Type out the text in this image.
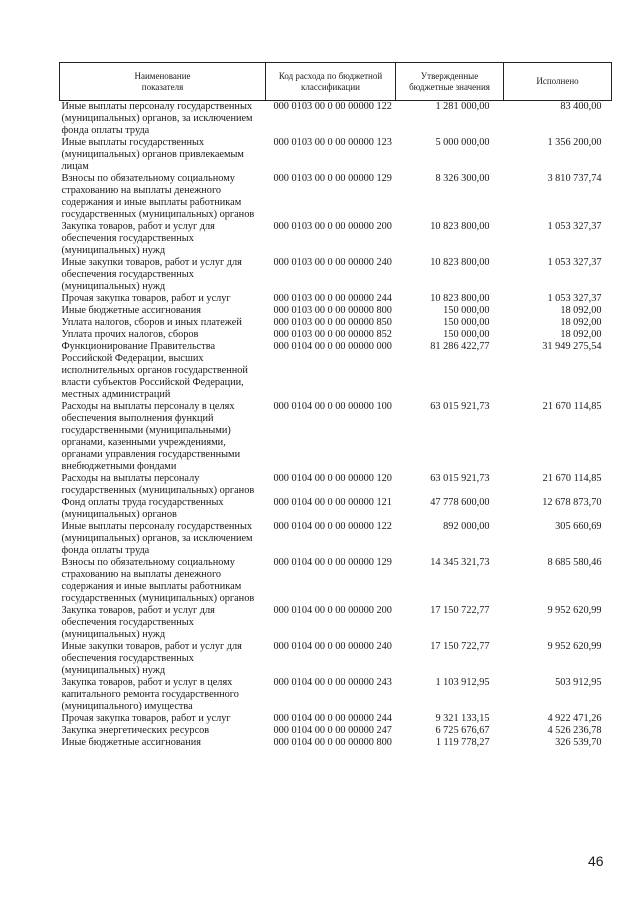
Наименование показателя	Код расхода по бюджетной классификации	Утвержденные бюджетные значения	Исполнено
Иные выплаты персоналу государственных (муниципальных) органов, за исключением фонда оплаты труда	000 0103 00 0 00 00000 122	1 281 000,00	83 400,00
Иные выплаты государственных (муниципальных) органов привлекаемым лицам	000 0103 00 0 00 00000 123	5 000 000,00	1 356 200,00
Взносы по обязательному социальному страхованию на выплаты денежного содержания и иные выплаты работникам государственных (муниципальных) органов	000 0103 00 0 00 00000 129	8 326 300,00	3 810 737,74
Закупка товаров, работ и услуг для обеспечения государственных (муниципальных) нужд	000 0103 00 0 00 00000 200	10 823 800,00	1 053 327,37
Иные закупки товаров, работ и услуг для обеспечения государственных (муниципальных) нужд	000 0103 00 0 00 00000 240	10 823 800,00	1 053 327,37
Прочая закупка товаров, работ и услуг	000 0103 00 0 00 00000 244	10 823 800,00	1 053 327,37
Иные бюджетные ассигнования	000 0103 00 0 00 00000 800	150 000,00	18 092,00
Уплата налогов, сборов и иных платежей	000 0103 00 0 00 00000 850	150 000,00	18 092,00
Уплата прочих налогов, сборов	000 0103 00 0 00 00000 852	150 000,00	18 092,00
Функционирование Правительства Российской Федерации, высших исполнительных органов государственной власти субъектов Российской Федерации, местных администраций	000 0104 00 0 00 00000 000	81 286 422,77	31 949 275,54
Расходы на выплаты персоналу в целях обеспечения выполнения функций государственными (муниципальными) органами, казенными учреждениями, органами управления государственными внебюджетными фондами	000 0104 00 0 00 00000 100	63 015 921,73	21 670 114,85
Расходы на выплаты персоналу государственных (муниципальных) органов	000 0104 00 0 00 00000 120	63 015 921,73	21 670 114,85
Фонд оплаты труда государственных (муниципальных) органов	000 0104 00 0 00 00000 121	47 778 600,00	12 678 873,70
Иные выплаты персоналу государственных (муниципальных) органов, за исключением фонда оплаты труда	000 0104 00 0 00 00000 122	892 000,00	305 660,69
Взносы по обязательному социальному страхованию на выплаты денежного содержания и иные выплаты работникам государственных (муниципальных) органов	000 0104 00 0 00 00000 129	14 345 321,73	8 685 580,46
Закупка товаров, работ и услуг для обеспечения государственных (муниципальных) нужд	000 0104 00 0 00 00000 200	17 150 722,77	9 952 620,99
Иные закупки товаров, работ и услуг для обеспечения государственных (муниципальных) нужд	000 0104 00 0 00 00000 240	17 150 722,77	9 952 620,99
Закупка товаров, работ и услуг в целях капитального ремонта государственного (муниципального) имущества	000 0104 00 0 00 00000 243	1 103 912,95	503 912,95
Прочая закупка товаров, работ и услуг	000 0104 00 0 00 00000 244	9 321 133,15	4 922 471,26
Закупка энергетических ресурсов	000 0104 00 0 00 00000 247	6 725 676,67	4 526 236,78
Иные бюджетные ассигнования	000 0104 00 0 00 00000 800	1 119 778,27	326 539,70
46
